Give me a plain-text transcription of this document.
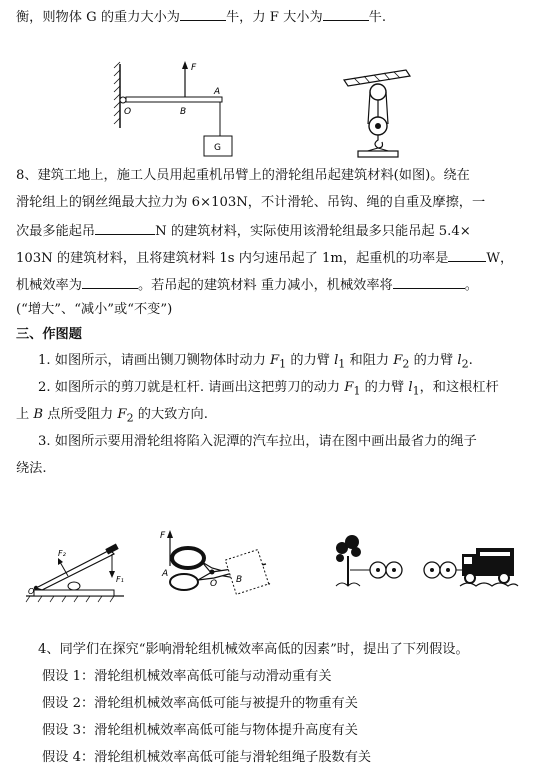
衡，则物体 G 的重力大小为	牛，力 F 大小为	牛.
F
O	B
A
G
8、建筑工地上，施工人员用起重机吊臂上的滑轮组吊起建筑材料(如图)。绕在
滑轮组上的钢丝绳最大拉力为 6×103N，不计滑轮、吊钩、绳的自重及摩擦，一
次最多能起吊	N 的建筑材料，实际使用该滑轮组最多只能吊起 5.4×
103N 的建筑材料，且将建筑材料 1s 内匀速吊起了 1m，起重机的功率是	W，
机械效率为	。若吊起的建筑材料 重力减小，机械效率将	。
(“增大”、“减小”或“不变”)
三、作图题
1. 如图所示，请画出铡刀铡物体时动力 $F_1$ 的力臂 $l_1$ 和阻力 $F_2$ 的力臂 $l_2$.
2. 如图所示的剪刀就是杠杆. 请画出这把剪刀的动力 $F_1$ 的力臂 $l_1$，和这根杠杆
上 B 点所受阻力 $F_2$ 的大致方向.
3. 如图所示要用滑轮组将陷入泥潭的汽车拉出，请在图中画出最省力的绳子
绕法.
F₂
F₁
O
F
A
O B
4、同学们在探究“影响滑轮组机械效率高低的因素”时，提出了下列假设。
假设 1：滑轮组机械效率高低可能与动滑动重有关
假设 2：滑轮组机械效率高低可能与被提升的物重有关
假设 3：滑轮组机械效率高低可能与物体提升高度有关
假设 4：滑轮组机械效率高低可能与滑轮组绳子股数有关
